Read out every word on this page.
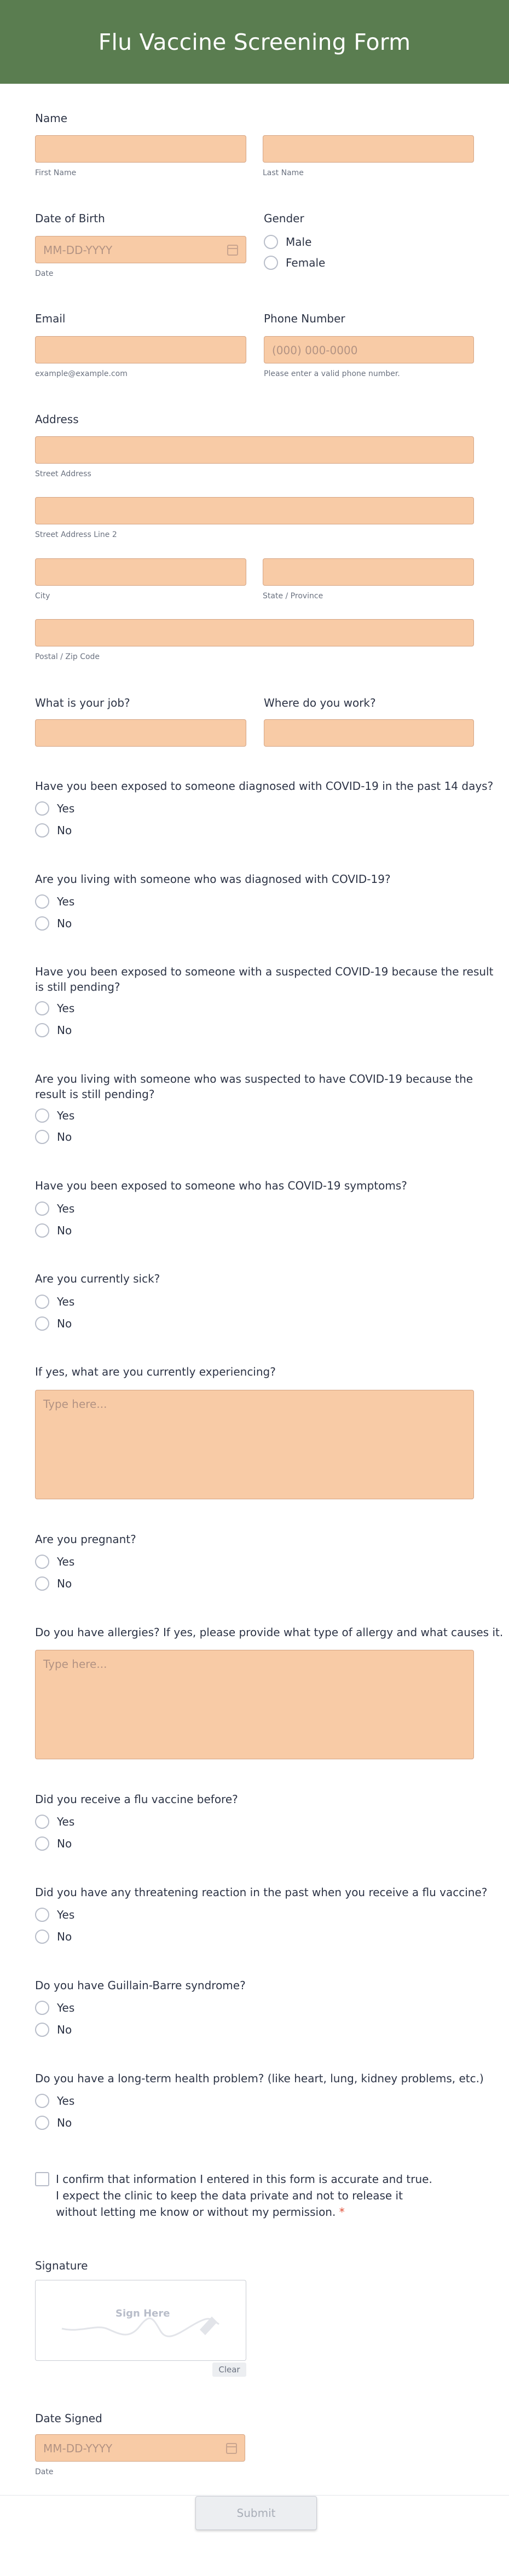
Flu Vaccine Screening Form
Name
First Name	Last Name
Date of Birth
MM-DD-YYYY
Date
Gender
Male
Female
Email
example@example.com
Phone Number
(000) 000-0000
Please enter a valid phone number.
Address
Street Address
Street Address Line 2
City	State / Province
Postal / Zip Code
What is your job?	Where do you work?
Have you been exposed to someone diagnosed with COVID-19 in the past 14 days?
Yes
No
Are you living with someone who was diagnosed with COVID-19?
Yes
No
Have you been exposed to someone with a suspected COVID-19 because the result
is still pending?
Yes
No
Are you living with someone who was suspected to have COVID-19 because the
result is still pending?
Yes
No
Have you been exposed to someone who has COVID-19 symptoms?
Yes
No
Are you currently sick?
Yes
No
If yes, what are you currently experiencing?
Type here...
Are you pregnant?
Yes
No
Do you have allergies? If yes, please provide what type of allergy and what causes it.
Type here...
Did you receive a flu vaccine before?
Yes
No
Did you have any threatening reaction in the past when you receive a flu vaccine?
Yes
No
Do you have Guillain-Barre syndrome?
Yes
No
Do you have a long-term health problem? (like heart, lung, kidney problems, etc.)
Yes
No
I confirm that information I entered in this form is accurate and true. I expect the clinic to keep the data private and not to release it without letting me know or without my permission. *
Signature
Sign Here
Clear
Date Signed
MM-DD-YYYY
Date
Submit
